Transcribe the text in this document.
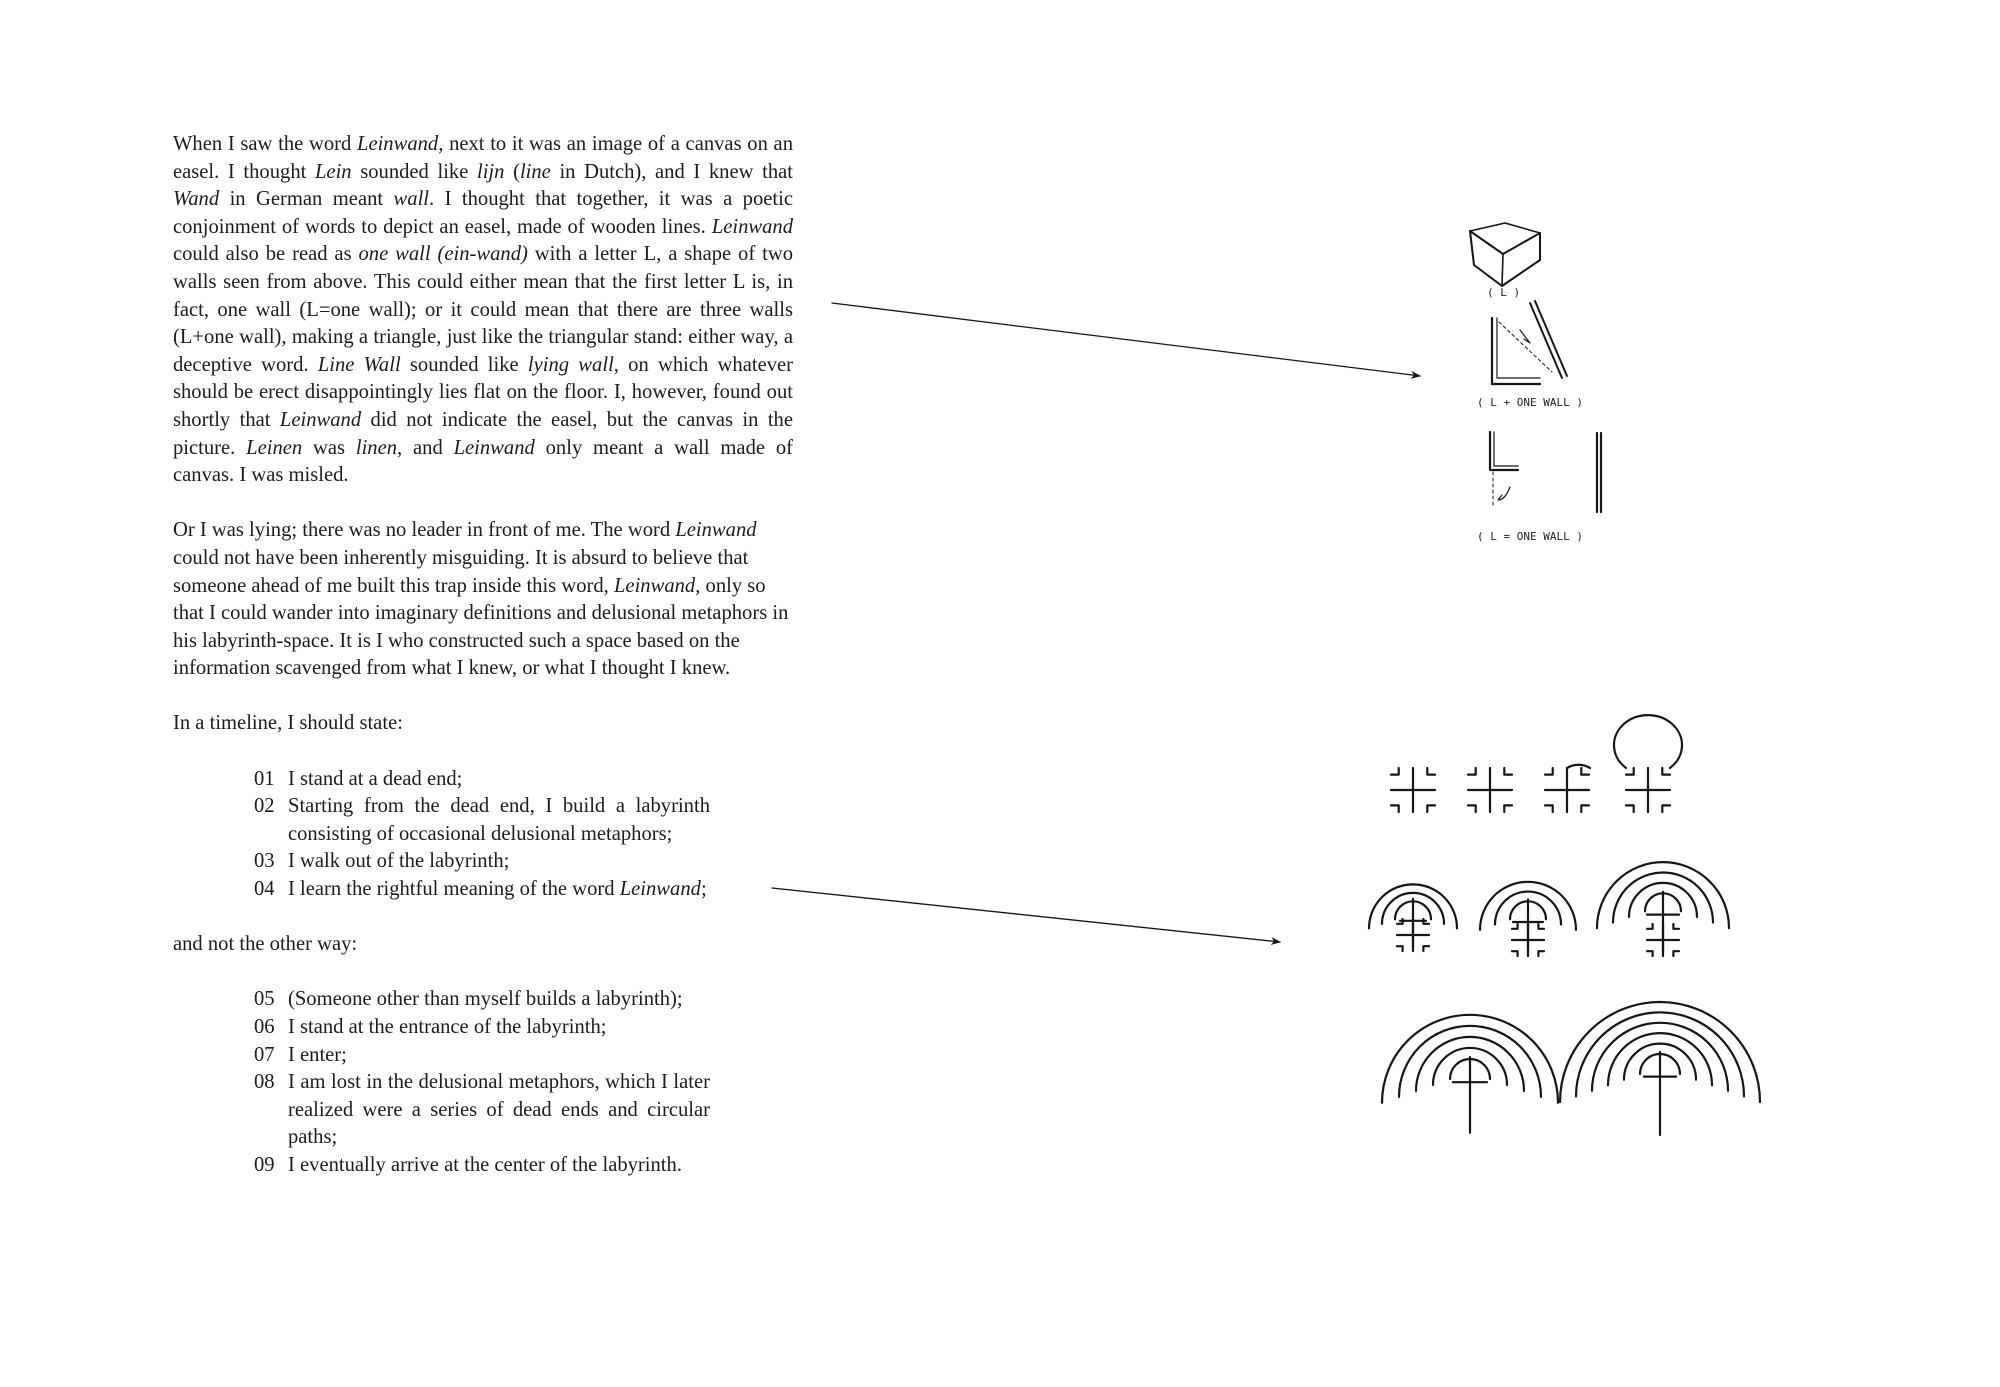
When I saw the word Leinwand, next to it was an image of a canvas on an easel. I thought Lein sounded like lijn (line in Dutch), and I knew that Wand in German meant wall. I thought that together, it was a poetic conjoinment of words to depict an easel, made of wooden lines. Leinwand could also be read as one wall (ein-wand) with a letter L, a shape of two walls seen from above. This could either mean that the first letter L is, in fact, one wall (L=one wall); or it could mean that there are three walls (L+one wall), making a triangle, just like the triangular stand: either way, a deceptive word. Line Wall sounded like lying wall, on which whatever should be erect disappointingly lies flat on the floor. I, however, found out shortly that Leinwand did not indicate the easel, but the canvas in the picture. Leinen was linen, and Leinwand only meant a wall made of canvas. I was misled.

Or I was lying; there was no leader in front of me. The word Leinwand could not have been inherently misguiding. It is absurd to believe that someone ahead of me built this trap inside this word, Leinwand, only so that I could wander into imaginary definitions and delusional metaphors in his labyrinth-space. It is I who constructed such a space based on the information scavenged from what I knew, or what I thought I knew.

In a timeline, I should state:

01 I stand at a dead end;
02 Starting from the dead end, I build a labyrinth consisting of occasional delusional metaphors;
03 I walk out of the labyrinth;
04 I learn the rightful meaning of the word Leinwand;

and not the other way:

05 (Someone other than myself builds a labyrinth);
06 I stand at the entrance of the labyrinth;
07 I enter;
08 I am lost in the delusional metaphors, which I later realized were a series of dead ends and circular paths;
09 I eventually arrive at the center of the labyrinth.
( L )
( L + ONE WALL )
( L = ONE WALL )
